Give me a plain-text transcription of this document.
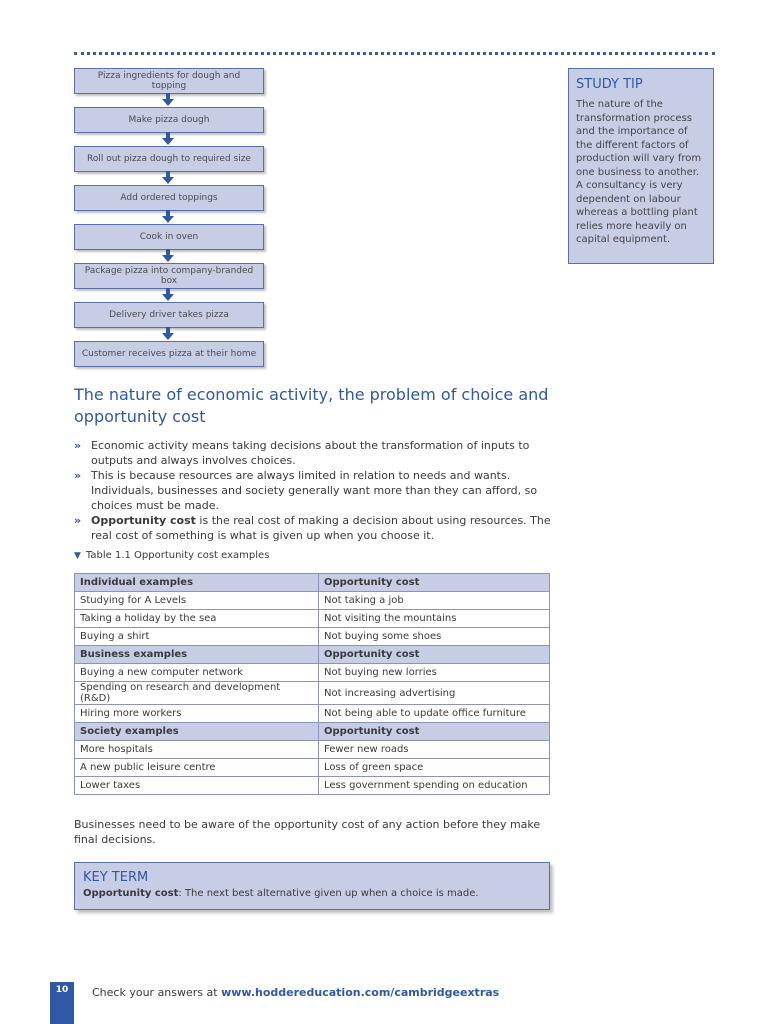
Pizza ingredients for dough and topping
Make pizza dough
Roll out pizza dough to required size
Add ordered toppings
Cook in oven
Package pizza into company-branded box
Delivery driver takes pizza
Customer receives pizza at their home
STUDY TIP

The nature of the transformation process and the importance of the different factors of production will vary from one business to another. A consultancy is very dependent on labour whereas a bottling plant relies more heavily on capital equipment.

The nature of economic activity, the problem of choice and opportunity cost
» Economic activity means taking decisions about the transformation of inputs to outputs and always involves choices.
» This is because resources are always limited in relation to needs and wants. Individuals, businesses and society generally want more than they can afford, so choices must be made.
» Opportunity cost is the real cost of making a decision about using resources. The real cost of something is what is given up when you choose it.
▼ Table 1.1 Opportunity cost examples
Individual examples	Opportunity cost
Studying for A Levels	Not taking a job
Taking a holiday by the sea	Not visiting the mountains
Buying a shirt	Not buying some shoes
Business examples	Opportunity cost
Buying a new computer network	Not buying new lorries
Spending on research and development (R&D)	Not increasing advertising
Hiring more workers	Not being able to update office furniture
Society examples	Opportunity cost
More hospitals	Fewer new roads
A new public leisure centre	Loss of green space
Lower taxes	Less government spending on education

Businesses need to be aware of the opportunity cost of any action before they make final decisions.

KEY TERM

Opportunity cost: The next best alternative given up when a choice is made.

10	Check your answers at www.hoddereducation.com/cambridgeextras
